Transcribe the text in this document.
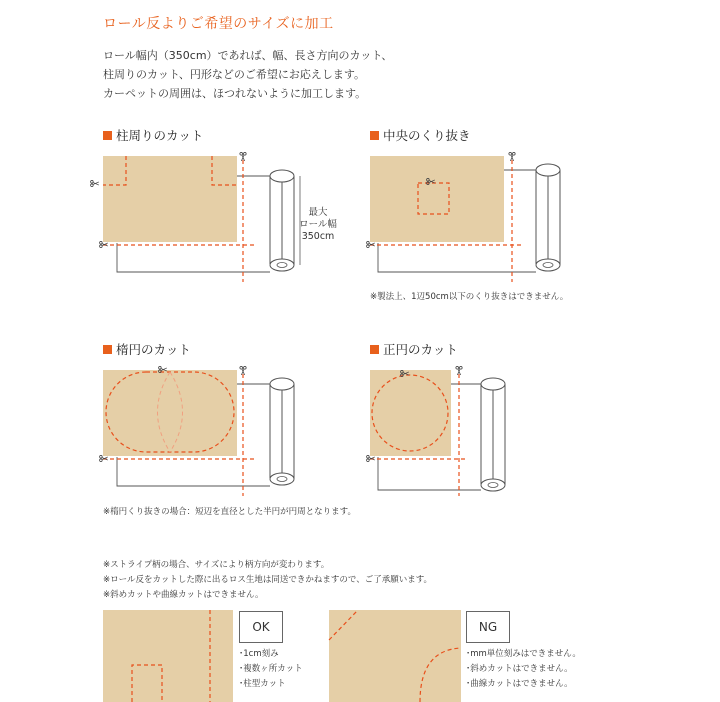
ロール反よりご希望のサイズに加工
ロール幅内（350cm）であれば、幅、長さ方向のカット、
柱周りのカット、円形などのご希望にお応えします。
カーペットの周囲は、ほつれないように加工します。
柱周りのカット	中央のくり抜き
楕円のカット	正円のカット
最大
ロール幅
350cm
※製法上、1辺50cm以下のくり抜きはできません。
※楕円くり抜きの場合：短辺を直径とした半円が円周となります。
※ストライプ柄の場合、サイズにより柄方向が変わります。
※ロール反をカットした際に出るロス生地は同送できかねますので、ご了承願います。
※斜めカットや曲線カットはできません。
OK	NG
･1cm刻み
･複数ヶ所カット
･柱型カット
･mm単位刻みはできません。
･斜めカットはできません。
･曲線カットはできません。
